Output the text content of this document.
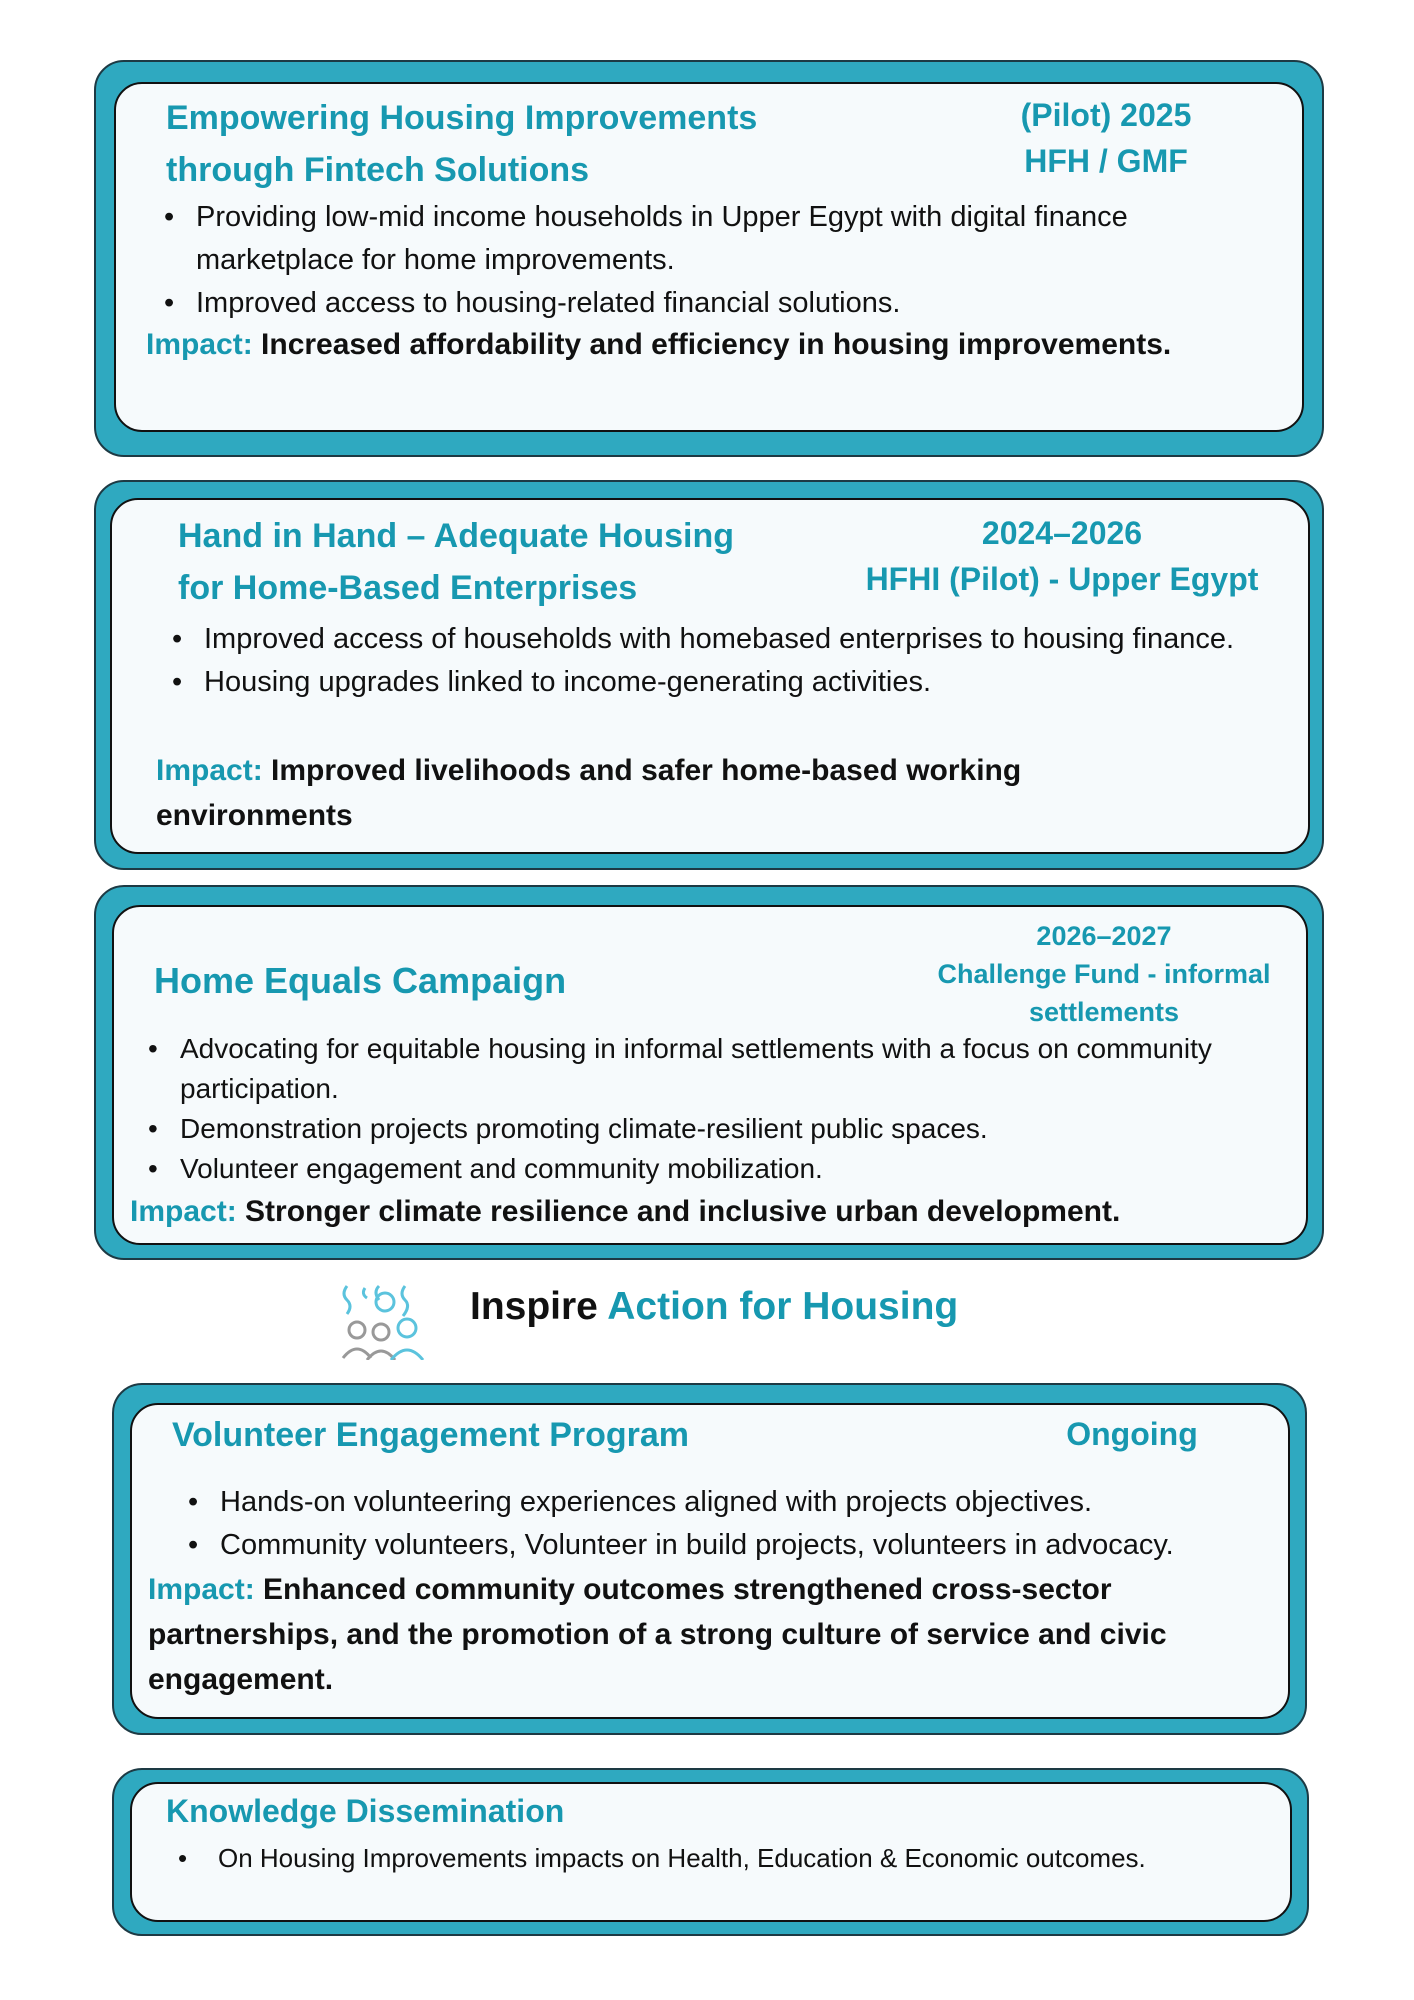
Empowering Housing Improvements
through Fintech Solutions
(Pilot) 2025
HFH / GMF
• Providing low-mid income households in Upper Egypt with digital finance marketplace for home improvements.
• Improved access to housing-related financial solutions.
Impact: Increased affordability and efficiency in housing improvements.
Hand in Hand – Adequate Housing
for Home-Based Enterprises
2024–2026
HFHI (Pilot) - Upper Egypt
• Improved access of households with homebased enterprises to housing finance.
• Housing upgrades linked to income-generating activities.
Impact: Improved livelihoods and safer home-based working environments
Home Equals Campaign
2026–2027
Challenge Fund - informal
settlements
• Advocating for equitable housing in informal settlements with a focus on community participation.
• Demonstration projects promoting climate-resilient public spaces.
• Volunteer engagement and community mobilization.
Impact: Stronger climate resilience and inclusive urban development.
Inspire Action for Housing
Volunteer Engagement Program	Ongoing
• Hands-on volunteering experiences aligned with projects objectives.
• Community volunteers, Volunteer in build projects, volunteers in advocacy.
Impact: Enhanced community outcomes strengthened cross-sector partnerships, and the promotion of a strong culture of service and civic engagement.
Knowledge Dissemination
• On Housing Improvements impacts on Health, Education & Economic outcomes.
